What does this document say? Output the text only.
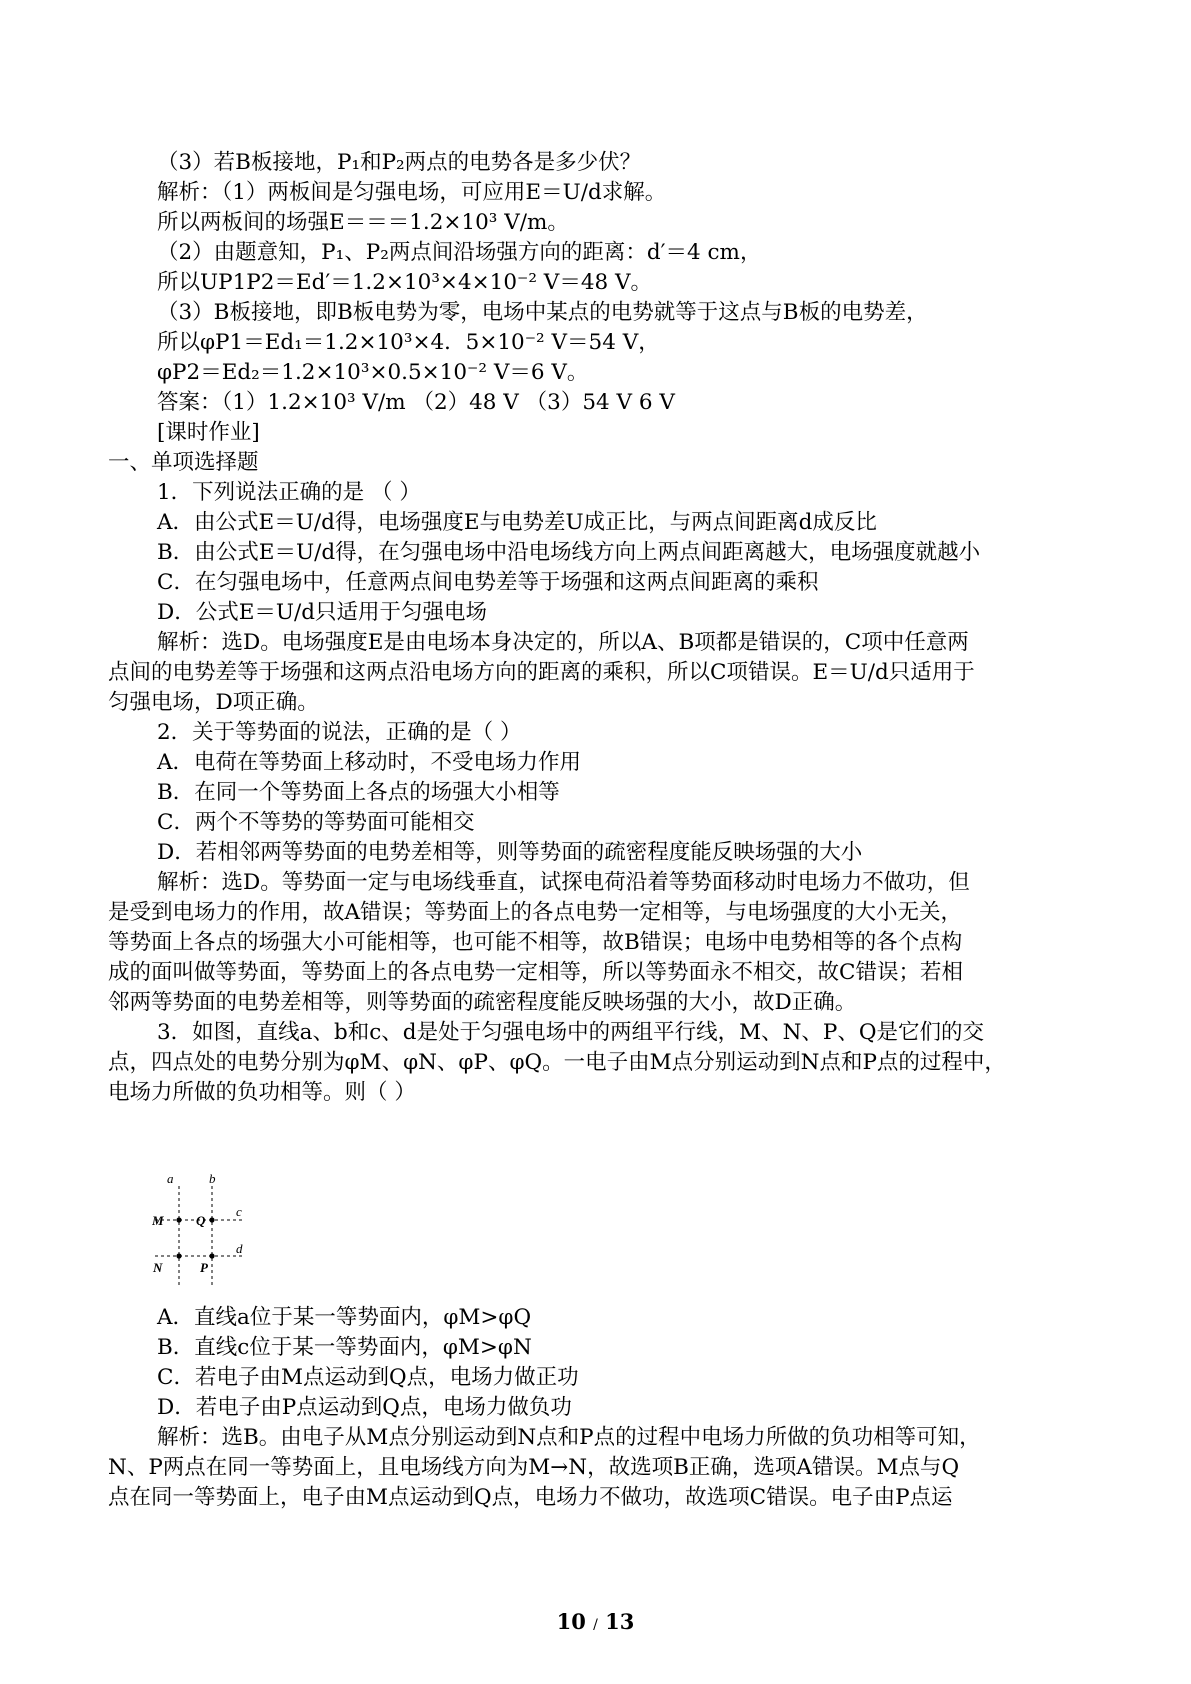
（3）若B板接地，P₁和P₂两点的电势各是多少伏？
解析：（1）两板间是匀强电场，可应用E＝U/d求解。
所以两板间的场强E＝＝＝1.2×10³ V/m。
（2）由题意知，P₁、P₂两点间沿场强方向的距离：d′＝4 cm，
所以UP1P2＝Ed′＝1.2×10³×4×10⁻² V＝48 V。
（3）B板接地，即B板电势为零，电场中某点的电势就等于这点与B板的电势差，
所以φP1＝Ed₁＝1.2×10³×4．5×10⁻² V＝54 V，
φP2＝Ed₂＝1.2×10³×0.5×10⁻² V＝6 V。
答案：（1）1.2×10³ V/m （2）48 V （3）54 V 6 V
[课时作业]
一、单项选择题
1．下列说法正确的是 （ ）
A．由公式E＝U/d得，电场强度E与电势差U成正比，与两点间距离d成反比
B．由公式E＝U/d得，在匀强电场中沿电场线方向上两点间距离越大，电场强度就越小
C．在匀强电场中，任意两点间电势差等于场强和这两点间距离的乘积
D．公式E＝U/d只适用于匀强电场
解析：选D。电场强度E是由电场本身决定的，所以A、B项都是错误的，C项中任意两
点间的电势差等于场强和这两点沿电场方向的距离的乘积，所以C项错误。E＝U/d只适用于
匀强电场，D项正确。
2．关于等势面的说法，正确的是（ ）
A．电荷在等势面上移动时，不受电场力作用
B．在同一个等势面上各点的场强大小相等
C．两个不等势的等势面可能相交
D．若相邻两等势面的电势差相等，则等势面的疏密程度能反映场强的大小
解析：选D。等势面一定与电场线垂直，试探电荷沿着等势面移动时电场力不做功，但
是受到电场力的作用，故A错误；等势面上的各点电势一定相等，与电场强度的大小无关，
等势面上各点的场强大小可能相等，也可能不相等，故B错误；电场中电势相等的各个点构
成的面叫做等势面，等势面上的各点电势一定相等，所以等势面永不相交，故C错误；若相
邻两等势面的电势差相等，则等势面的疏密程度能反映场强的大小，故D正确。
3．如图，直线a、b和c、d是处于匀强电场中的两组平行线，M、N、P、Q是它们的交
点，四点处的电势分别为φM、φN、φP、φQ。一电子由M点分别运动到N点和P点的过程中，
电场力所做的负功相等。则（ ）
a	b
c
d
M Q
N	P
A．直线a位于某一等势面内，φM>φQ
B．直线c位于某一等势面内，φM>φN
C．若电子由M点运动到Q点，电场力做正功
D．若电子由P点运动到Q点，电场力做负功
解析：选B。由电子从M点分别运动到N点和P点的过程中电场力所做的负功相等可知，
N、P两点在同一等势面上，且电场线方向为M→N，故选项B正确，选项A错误。M点与Q
点在同一等势面上，电子由M点运动到Q点，电场力不做功，故选项C错误。电子由P点运
10 / 13
